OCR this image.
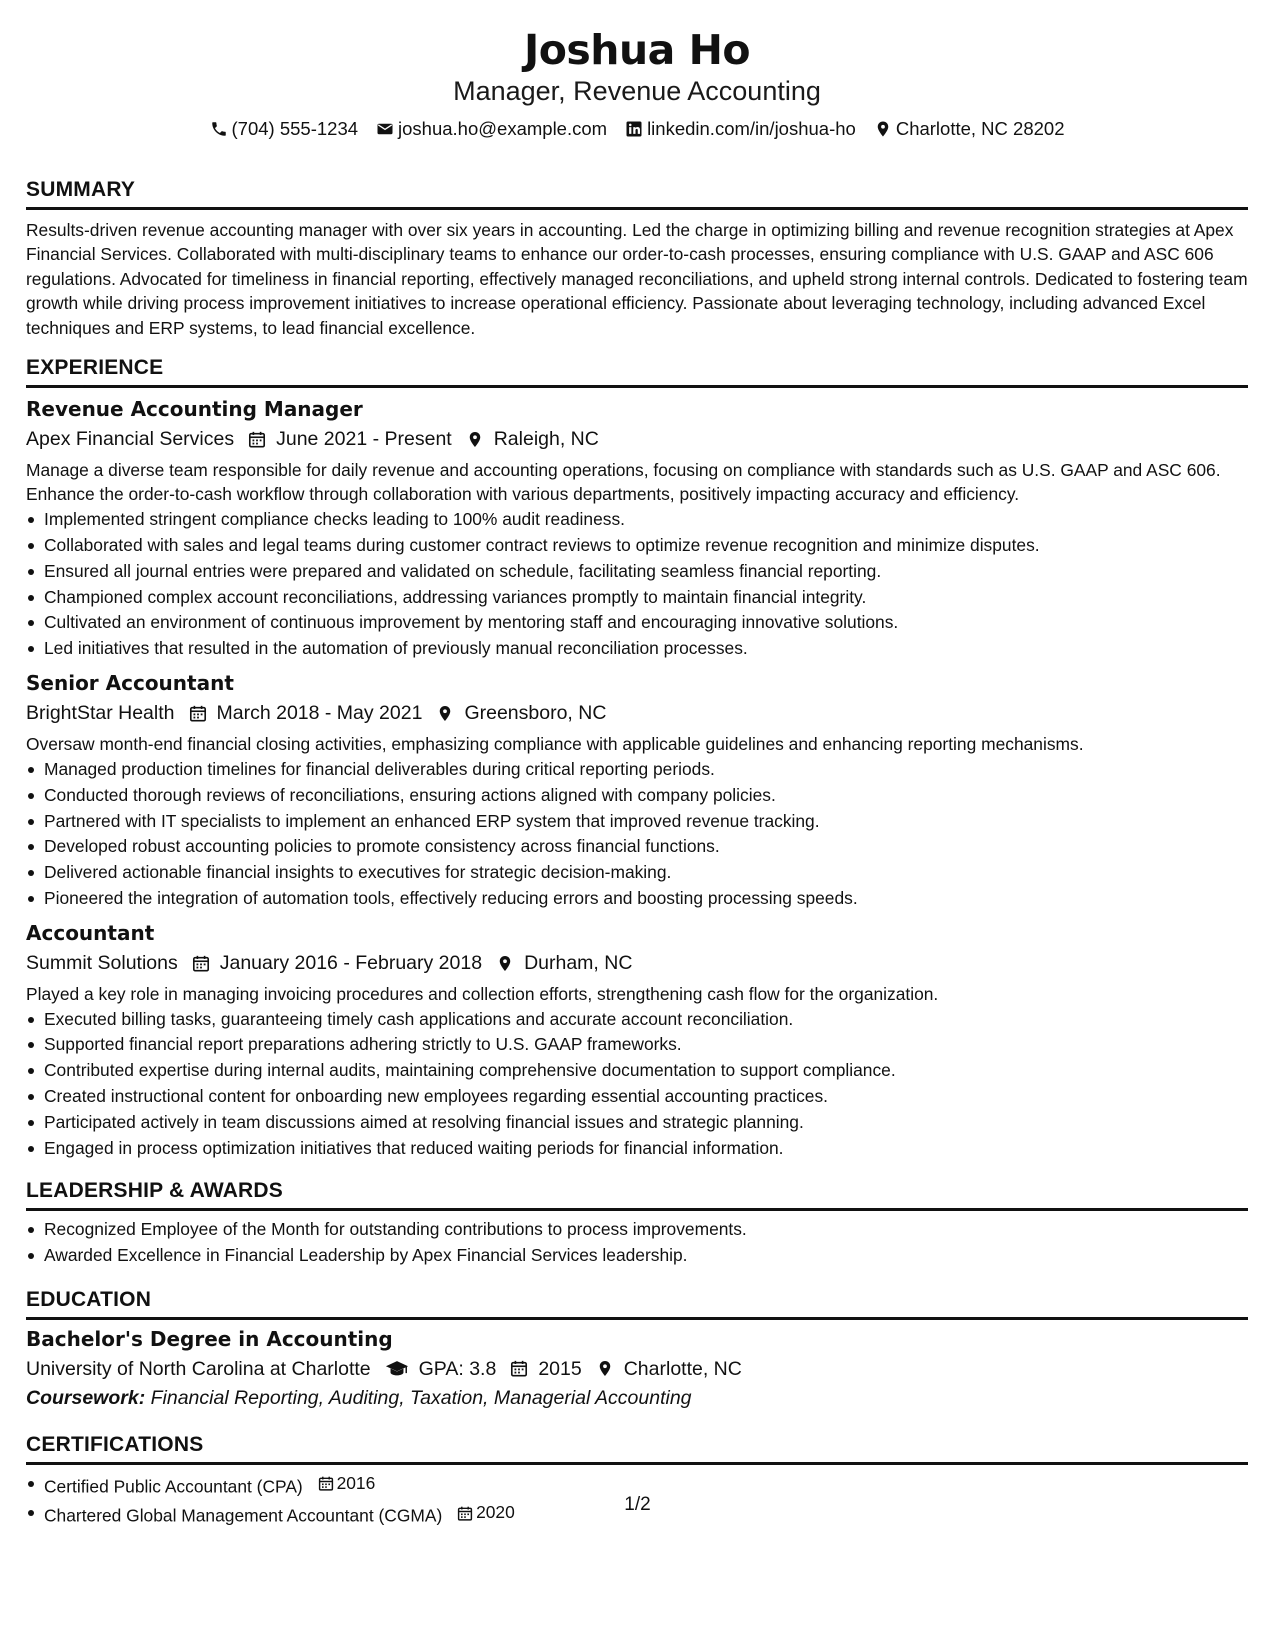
Joshua Ho
Manager, Revenue Accounting
(704) 555-1234 joshua.ho@example.com linkedin.com/in/joshua-ho Charlotte, NC 28202
SUMMARY

Results-driven revenue accounting manager with over six years in accounting. Led the charge in optimizing billing and revenue recognition strategies at Apex Financial Services. Collaborated with multi-disciplinary teams to enhance our order-to-cash processes, ensuring compliance with U.S. GAAP and ASC 606 regulations. Advocated for timeliness in financial reporting, effectively managed reconciliations, and upheld strong internal controls. Dedicated to fostering team growth while driving process improvement initiatives to increase operational efficiency. Passionate about leveraging technology, including advanced Excel techniques and ERP systems, to lead financial excellence.

EXPERIENCE
Revenue Accounting Manager
Apex Financial Services June 2021 - Present Raleigh, NC
Manage a diverse team responsible for daily revenue and accounting operations, focusing on compliance with standards such as U.S. GAAP and ASC 606. Enhance the order-to-cash workflow through collaboration with various departments, positively impacting accuracy and efficiency.
Implemented stringent compliance checks leading to 100% audit readiness.
Collaborated with sales and legal teams during customer contract reviews to optimize revenue recognition and minimize disputes.
Ensured all journal entries were prepared and validated on schedule, facilitating seamless financial reporting.
Championed complex account reconciliations, addressing variances promptly to maintain financial integrity.
Cultivated an environment of continuous improvement by mentoring staff and encouraging innovative solutions.
Led initiatives that resulted in the automation of previously manual reconciliation processes.
Senior Accountant
BrightStar Health March 2018 - May 2021 Greensboro, NC
Oversaw month-end financial closing activities, emphasizing compliance with applicable guidelines and enhancing reporting mechanisms.
Managed production timelines for financial deliverables during critical reporting periods.
Conducted thorough reviews of reconciliations, ensuring actions aligned with company policies.
Partnered with IT specialists to implement an enhanced ERP system that improved revenue tracking.
Developed robust accounting policies to promote consistency across financial functions.
Delivered actionable financial insights to executives for strategic decision-making.
Pioneered the integration of automation tools, effectively reducing errors and boosting processing speeds.
Accountant
Summit Solutions January 2016 - February 2018 Durham, NC
Played a key role in managing invoicing procedures and collection efforts, strengthening cash flow for the organization.
Executed billing tasks, guaranteeing timely cash applications and accurate account reconciliation.
Supported financial report preparations adhering strictly to U.S. GAAP frameworks.
Contributed expertise during internal audits, maintaining comprehensive documentation to support compliance.
Created instructional content for onboarding new employees regarding essential accounting practices.
Participated actively in team discussions aimed at resolving financial issues and strategic planning.
Engaged in process optimization initiatives that reduced waiting periods for financial information.
LEADERSHIP & AWARDS
Recognized Employee of the Month for outstanding contributions to process improvements.
Awarded Excellence in Financial Leadership by Apex Financial Services leadership.
EDUCATION
Bachelor's Degree in Accounting
University of North Carolina at Charlotte GPA: 3.8 2015 Charlotte, NC
Coursework: Financial Reporting, Auditing, Taxation, Managerial Accounting
CERTIFICATIONS
Certified Public Accountant (CPA) 2016
Chartered Global Management Accountant (CGMA) 2020	1/2
